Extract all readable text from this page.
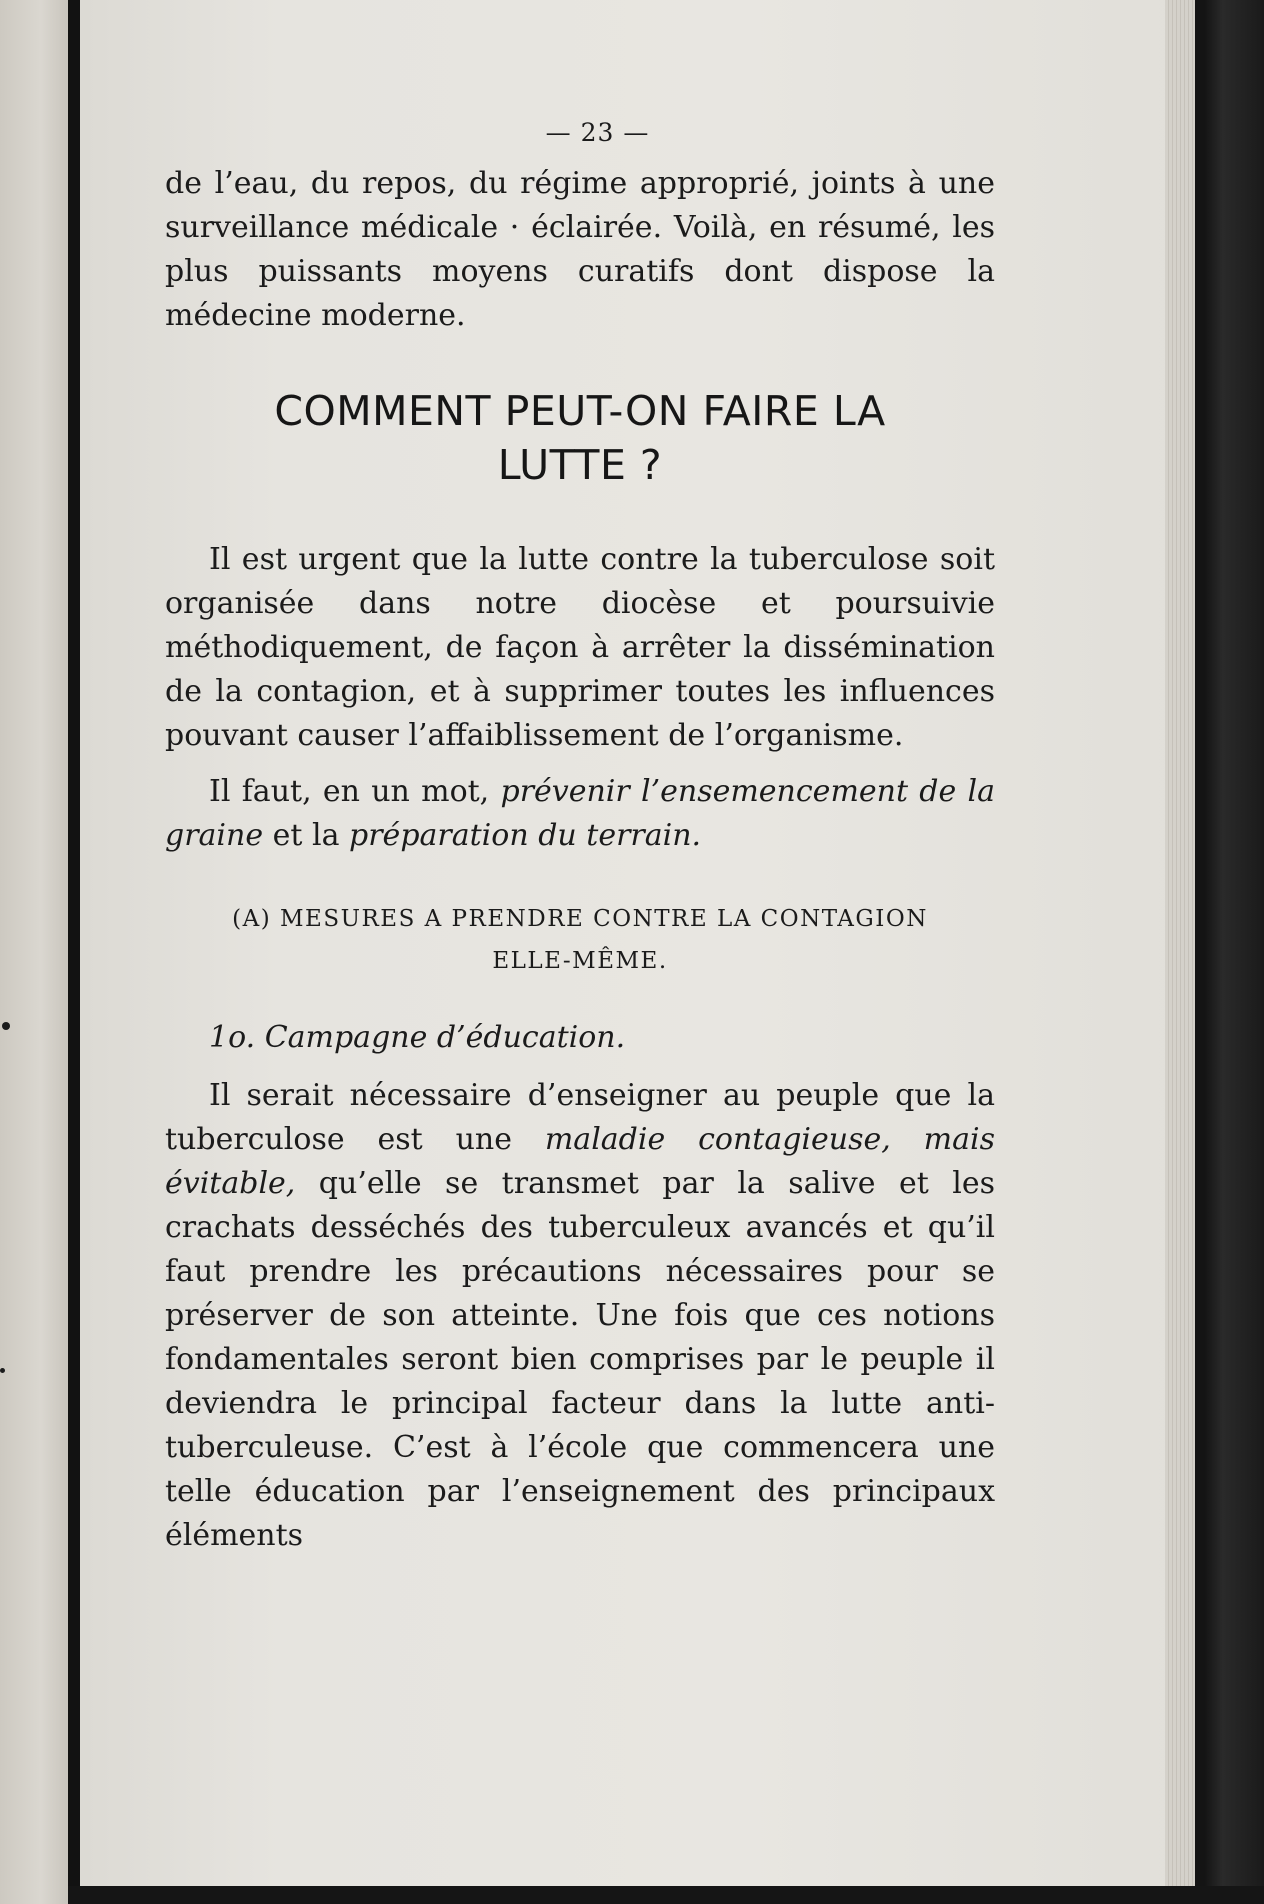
— 23 —

de l’eau, du repos, du régime approprié, joints à une surveillance médicale · éclairée. Voilà, en résumé, les plus puissants moyens curatifs dont dispose la médecine moderne.

COMMENT PEUT-ON FAIRE LA LUTTE ?

Il est urgent que la lutte contre la tuberculose soit organisée dans notre diocèse et poursuivie méthodiquement, de façon à arrêter la dissémination de la contagion, et à supprimer toutes les influences pouvant causer l’affaiblissement de l’organisme.

Il faut, en un mot, prévenir l’ensemencement de la graine et la préparation du terrain.

(A) MESURES A PRENDRE CONTRE LA CONTAGION
ELLE-MÊME.
1o. Campagne d’éducation.

Il serait nécessaire d’enseigner au peuple que la tuberculose est une maladie contagieuse, mais évitable, qu’elle se transmet par la salive et les crachats desséchés des tuberculeux avancés et qu’il faut prendre les précautions nécessaires pour se préserver de son atteinte. Une fois que ces notions fondamentales seront bien comprises par le peuple il deviendra le principal facteur dans la lutte anti-tuberculeuse. C’est à l’école que commencera une telle éducation par l’enseignement des principaux éléments
